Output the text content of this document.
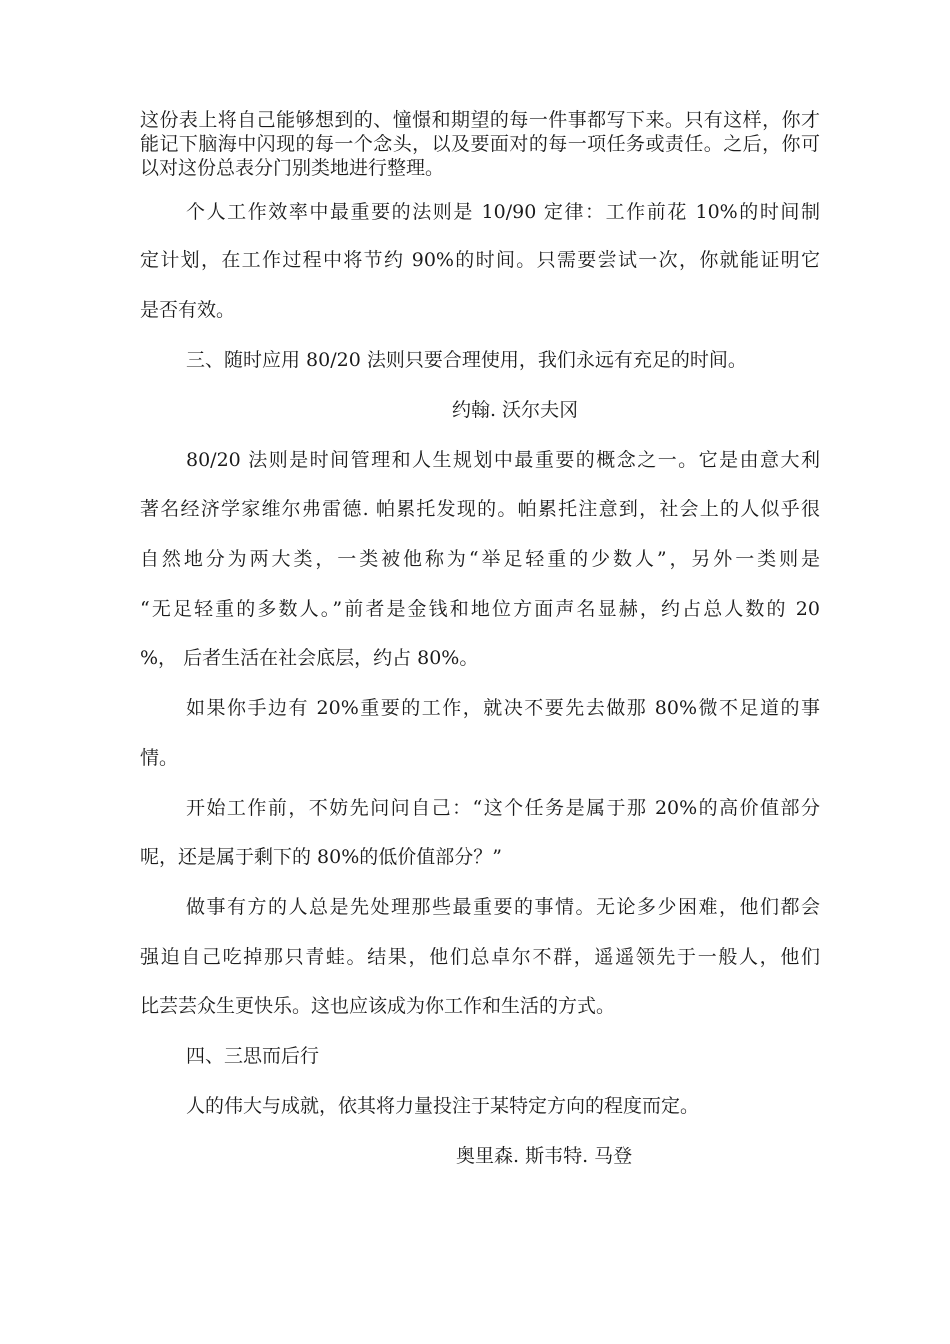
这份表上将自己能够想到的、憧憬和期望的每一件事都写下来。只有这样，你才能记下脑海中闪现的每一个念头，以及要面对的每一项任务或责任。之后，你可以对这份总表分门别类地进行整理。

个人工作效率中最重要的法则是 10/90 定律：工作前花 10%的时间制

定计划，在工作过程中将节约 90%的时间。只需要尝试一次，你就能证明它

是否有效。

三、随时应用 80/20 法则只要合理使用，我们永远有充足的时间。

约翰. 沃尔夫冈

80/20 法则是时间管理和人生规划中最重要的概念之一。它是由意大利

著名经济学家维尔弗雷德. 帕累托发现的。帕累托注意到，社会上的人似乎很

自然地分为两大类，一类被他称为“举足轻重的少数人”，另外一类则是

“无足轻重的多数人。”前者是金钱和地位方面声名显赫，约占总人数的 20

%， 后者生活在社会底层，约占 80%。

如果你手边有 20%重要的工作，就决不要先去做那 80%微不足道的事

情。

开始工作前，不妨先问问自己：“这个任务是属于那 20%的高价值部分

呢，还是属于剩下的 80%的低价值部分？”

做事有方的人总是先处理那些最重要的事情。无论多少困难，他们都会

强迫自己吃掉那只青蛙。结果，他们总卓尔不群，遥遥领先于一般人，他们

比芸芸众生更快乐。这也应该成为你工作和生活的方式。

四、三思而后行

人的伟大与成就，依其将力量投注于某特定方向的程度而定。

奥里森. 斯韦特. 马登
